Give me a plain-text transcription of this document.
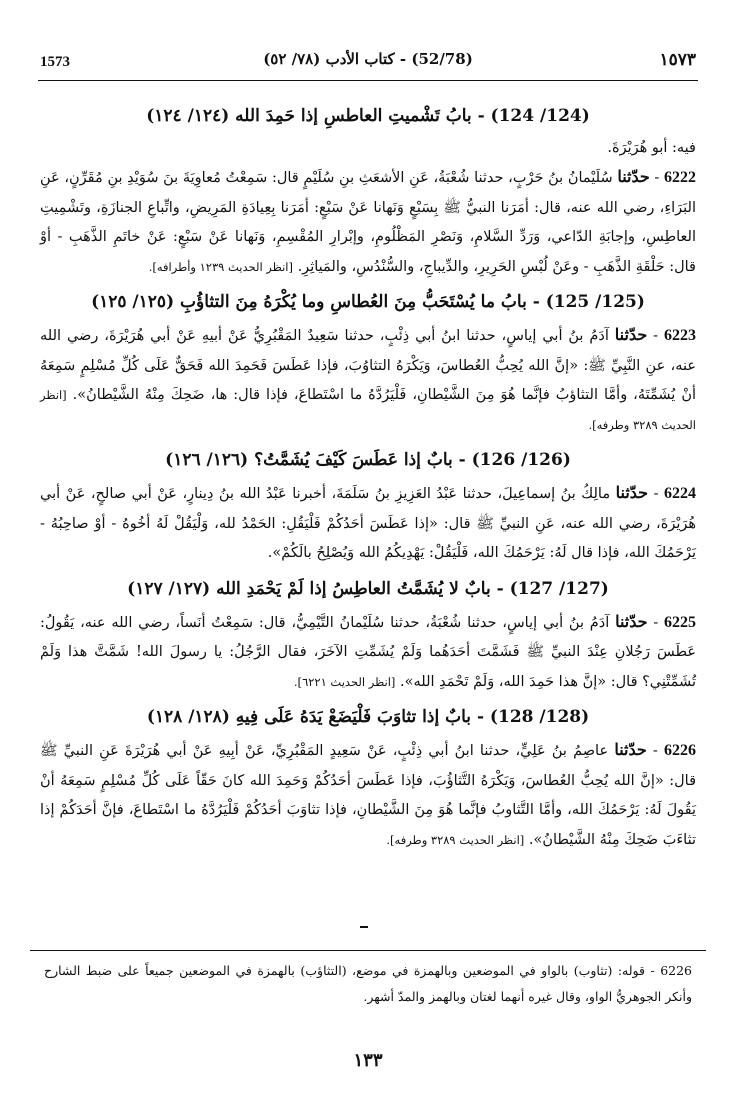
1573	(52/78) - كتاب الأدب (٧٨/ ٥٢)	١٥٧٣
(124/ 124) - بابُ تَشْميتِ العاطسِ إذا حَمِدَ الله (١٢٤/ ١٢٤)

فيه: أبو هُرَيْرَةَ.

6222 - حدّثنا سُلَيْمانُ بنُ حَرْبٍ، حدثنا شُعْبَةُ، عَنِ الأشعَثِ بنِ سُلَيْمٍ قال: سَمِعْتُ مُعاوِيَةَ بنَ سُوَيْدِ بنِ مُقَرِّنٍ، عَنِ البَرَاءِ، رضي الله عنه، قال: أمَرَنا النبيُّ ﷺ بِسَبْعٍ وَنَهانا عَنْ سَبْعٍ: أمَرَنا بِعِيادَةِ المَرِيضِ، واتِّباعِ الجنازَةِ، وتَشْمِيتِ العاطِسِ، وإجابَةِ الدّاعي، وَرَدِّ السَّلامِ، وَنَصْرِ المَظْلُومِ، وإبْرارِ المُقْسِمِ، وَنَهانا عَنْ سَبْعٍ: عَنْ خاتَمِ الذَّهَبِ - أوْ قال: حَلْقَةِ الذَّهَبِ - وعَنْ لُبْسِ الحَرِيرِ، والدِّيباجِ، والسُّنْدُسِ، والمَياثِرِ. [انظر الحديث ١٢٣٩ وأطرافه].

(125/ 125) - بابُ ما يُسْتَحَبُّ مِنَ العُطاسِ وما يُكْرَهُ مِنَ التثاؤُبِ (١٢٥/ ١٢٥)

6223 - حدّثنا آدَمُ بنُ أبي إياسٍ، حدثنا ابنُ أبي ذِئْبٍ، حدثنا سَعِيدٌ المَقْبُرِيُّ عَنْ أبيهِ عَنْ أبي هُرَيْرَةَ، رضي الله عنه، عنِ النَّبِيِّ ﷺ: «إنَّ الله يُحِبُّ العُطاسَ، وَيَكْرَهُ التثاوُبَ، فإذا عَطَسَ فَحَمِدَ الله فَحَقٌّ عَلَى كُلِّ مُسْلِمٍ سَمِعَهُ أنْ يُشَمِّتَهُ، وأمَّا التثاؤبُ فإنَّما هُوَ مِنَ الشَّيْطانِ، فَلْيَرُدَّهُ ما اسْتَطاعَ، فإذا قال: ها، ضَحِكَ مِنْهُ الشَّيْطانُ». [انظر الحديث ٣٢٨٩ وطرفه].

(126/ 126) - بابٌ إذا عَطَسَ كَيْفَ يُشَمَّتُ؟ (١٢٦/ ١٢٦)

6224 - حدّثنا مالِكُ بنُ إسماعِيلَ، حدثنا عَبْدُ العَزِيزِ بنُ سَلَمَةَ، أخبرنا عَبْدُ الله بنُ دِينارٍ، عَنْ أبي صالحٍ، عَنْ أبي هُرَيْرَةَ، رضي الله عنه، عَنِ النبيِّ ﷺ قال: «إذا عَطَسَ أحَدُكُمْ فَلْيَقُلِ: الحَمْدُ لله، وَلْيَقُلْ لَهُ أخُوهُ - أوْ صاحِبُهُ - يَرْحَمُكَ الله، فإذا قال لَهُ: يَرْحَمُكَ الله، فَلْيَقُلْ: يَهْدِيكُمُ الله وَيُصْلِحُ بالَكُمْ».

(127/ 127) - بابٌ لا يُشَمَّتُ العاطِسُ إذا لَمْ يَحْمَدِ الله (١٢٧/ ١٢٧)

6225 - حدّثنا آدَمُ بنُ أبي إياسٍ، حدثنا شُعْبَةُ، حدثنا سُلَيْمانُ التَّيْمِيُّ، قال: سَمِعْتُ أنَساً، رضي الله عنه، يَقُولُ: عَطَسَ رَجُلانِ عِنْدَ النبيِّ ﷺ فَشَمَّتَ أحَدَهُما وَلَمْ يُشَمِّتِ الآخَرَ، فقال الرَّجُلُ: يا رسولَ الله! شَمَّتَّ هذا وَلَمْ تُشَمِّتْنِي؟ قال: «إنَّ هذا حَمِدَ الله، وَلَمْ تَحْمَدِ الله». [انظر الحديث ٦٢٢١].

(128/ 128) - بابٌ إذا تثاوَبَ فَلْيَضَعْ يَدَهُ عَلَى فِيهِ (١٢٨/ ١٢٨)

6226 - حدّثنا عاصِمُ بنُ عَلِيٍّ، حدثنا ابنُ أبي ذِئْبٍ، عَنْ سَعِيدٍ المَقْبُرِيِّ، عَنْ أبِيهِ عَنْ أبي هُرَيْرَةَ عَنِ النبيِّ ﷺ قال: «إنَّ الله يُحِبُّ العُطاسَ، وَيَكْرَهُ التَّثاؤُبَ، فإذا عَطَسَ أحَدُكُمْ وَحَمِدَ الله كانَ حَقّاً عَلَى كُلِّ مُسْلِمٍ سَمِعَهُ أنْ يَقُولَ لَهُ: يَرْحَمُكَ الله، وأمَّا التَّثاوبُ فإنَّما هُوَ مِنَ الشَّيْطانِ، فإذا تثاوَبَ أحَدُكُمْ فَلْيَرُدَّهُ ما اسْتَطاعَ، فإنَّ أحَدَكُمْ إذا تثاءَبَ ضَحِكَ مِنْهُ الشَّيْطانُ». [انظر الحديث ٣٢٨٩ وطرفه].

6226 - قوله: (تثاوب) بالواو في الموضعين وبالهمزة في موضع، (التثاؤب) بالهمزة في الموضعين جميعاً على ضبط الشارح وأنكر الجوهريُّ الواو، وقال غيره أنهما لغتان وبالهمز والمدّ أشهر.
١٣٣
